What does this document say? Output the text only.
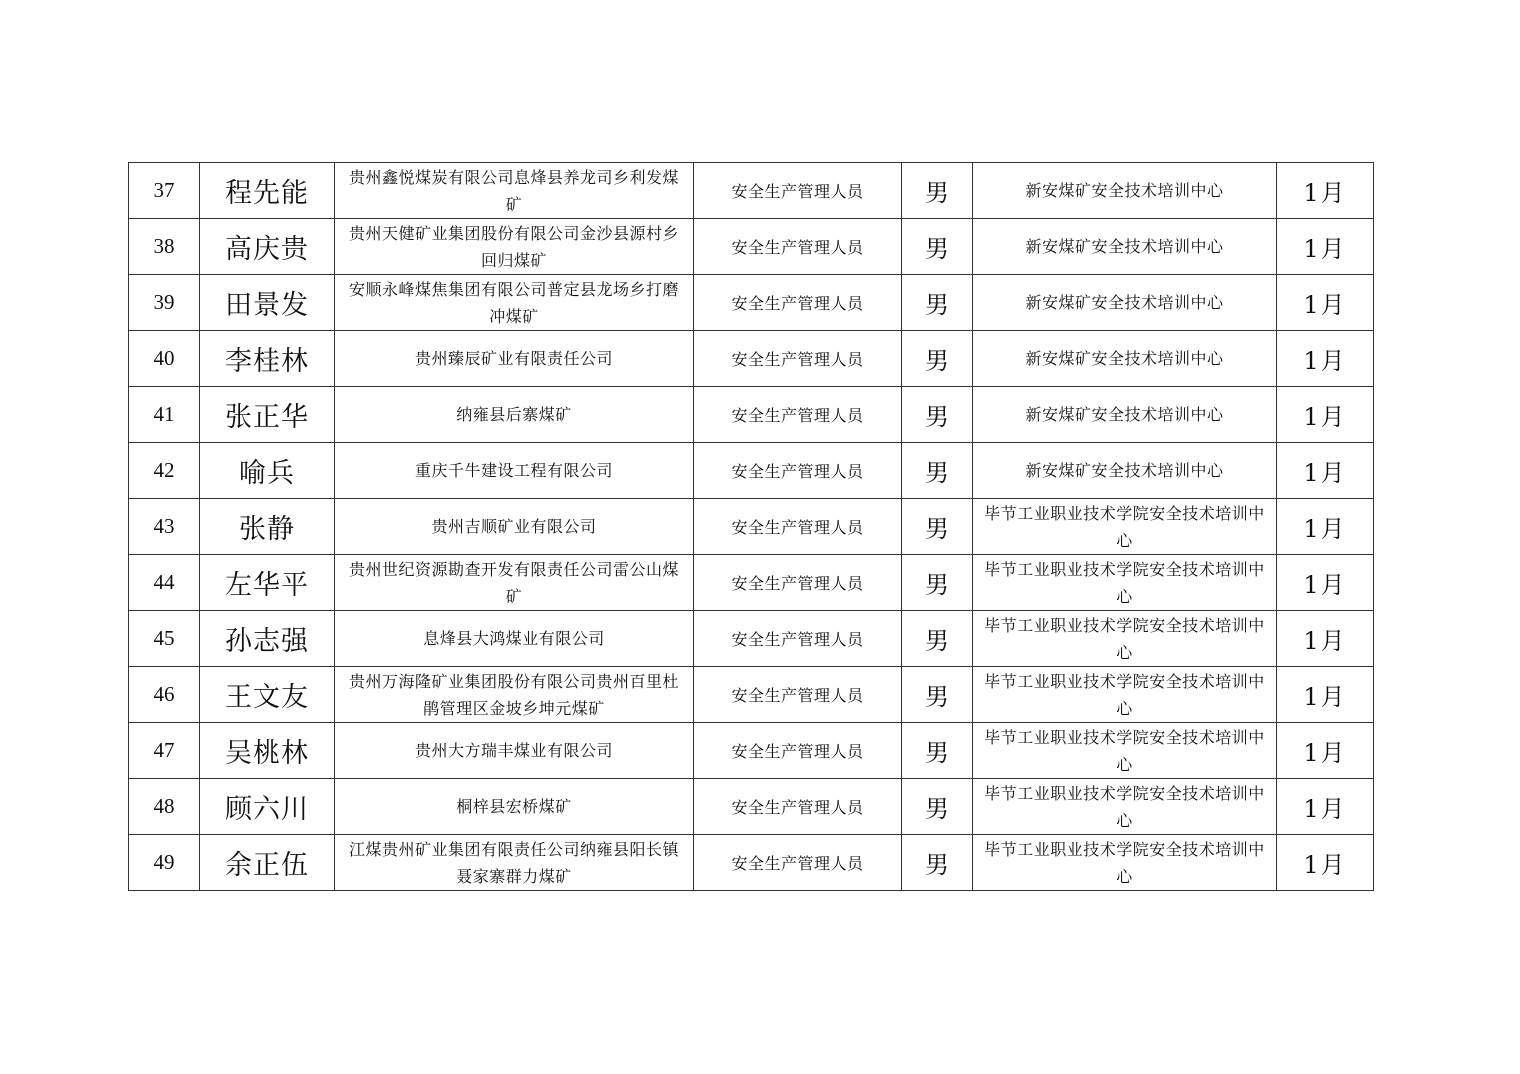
37	程先能	贵州鑫悦煤炭有限公司息烽县养龙司乡利发煤矿	安全生产管理人员	男	新安煤矿安全技术培训中心	1月
38	高庆贵	贵州天健矿业集团股份有限公司金沙县源村乡回归煤矿	安全生产管理人员	男	新安煤矿安全技术培训中心	1月
39	田景发	安顺永峰煤焦集团有限公司普定县龙场乡打磨冲煤矿	安全生产管理人员	男	新安煤矿安全技术培训中心	1月
40	李桂林	贵州臻辰矿业有限责任公司	安全生产管理人员	男	新安煤矿安全技术培训中心	1月
41	张正华	纳雍县后寨煤矿	安全生产管理人员	男	新安煤矿安全技术培训中心	1月
42	喻兵	重庆千牛建设工程有限公司	安全生产管理人员	男	新安煤矿安全技术培训中心	1月
43	张静	贵州吉顺矿业有限公司	安全生产管理人员	男	毕节工业职业技术学院安全技术培训中心	1月
44	左华平	贵州世纪资源勘查开发有限责任公司雷公山煤矿	安全生产管理人员	男	毕节工业职业技术学院安全技术培训中心	1月
45	孙志强	息烽县大鸿煤业有限公司	安全生产管理人员	男	毕节工业职业技术学院安全技术培训中心	1月
46	王文友	贵州万海隆矿业集团股份有限公司贵州百里杜鹃管理区金坡乡坤元煤矿	安全生产管理人员	男	毕节工业职业技术学院安全技术培训中心	1月
47	吴桃林	贵州大方瑞丰煤业有限公司	安全生产管理人员	男	毕节工业职业技术学院安全技术培训中心	1月
48	顾六川	桐梓县宏桥煤矿	安全生产管理人员	男	毕节工业职业技术学院安全技术培训中心	1月
49	余正伍	江煤贵州矿业集团有限责任公司纳雍县阳长镇聂家寨群力煤矿	安全生产管理人员	男	毕节工业职业技术学院安全技术培训中心	1月
